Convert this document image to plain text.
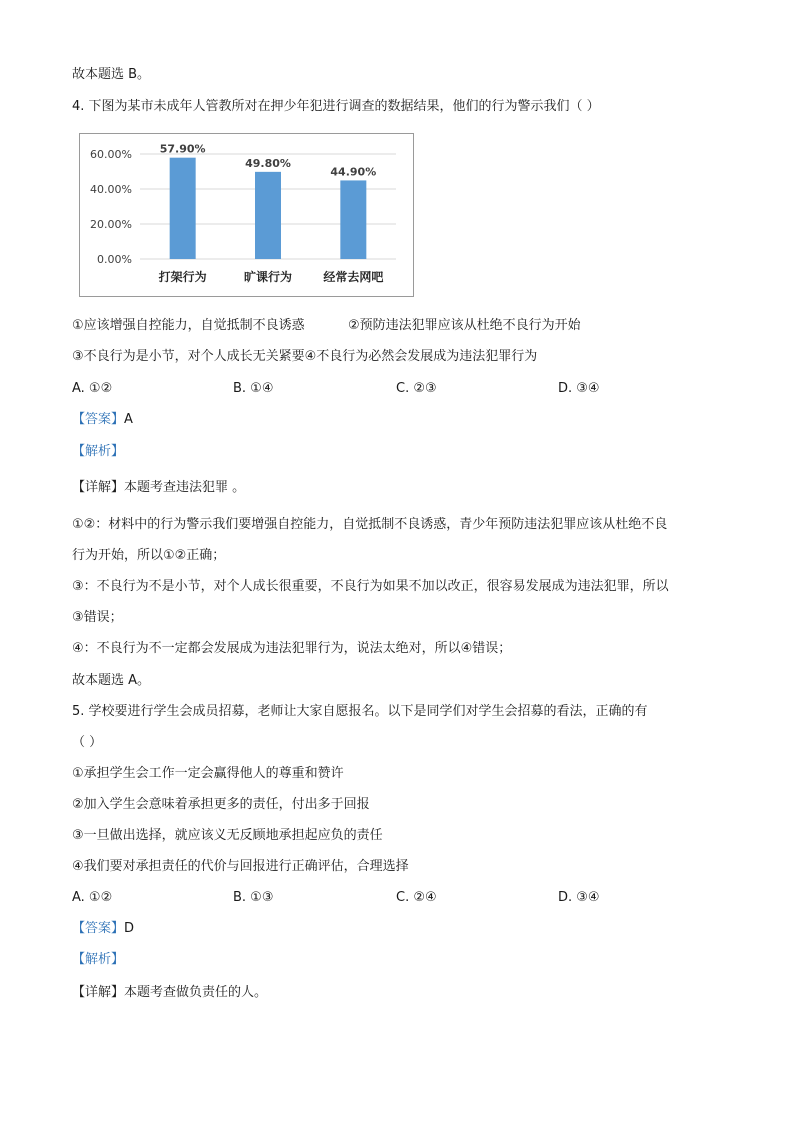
故本题选 B。
4. 下图为某市未成年人管教所对在押少年犯进行调查的数据结果，他们的行为警示我们（ ）
0.00%
20.00%
40.00%
60.00%	57.90%
打架行为
49.80%
旷课行为
44.90%
经常去网吧
①应该增强自控能力，自觉抵制不良诱惑	②预防违法犯罪应该从杜绝不良行为开始
③不良行为是小节，对个人成长无关紧要④不良行为必然会发展成为违法犯罪行为
A. ①②	B. ①④	C. ②③	D. ③④
【答案】A
【解析】
【详解】本题考查违法犯罪 。
①②：材料中的行为警示我们要增强自控能力，自觉抵制不良诱惑，青少年预防违法犯罪应该从杜绝不良
行为开始，所以①②正确；
③：不良行为不是小节，对个人成长很重要，不良行为如果不加以改正，很容易发展成为违法犯罪，所以
③错误；
④：不良行为不一定都会发展成为违法犯罪行为，说法太绝对，所以④错误；
故本题选 A。
5. 学校要进行学生会成员招募，老师让大家自愿报名。以下是同学们对学生会招募的看法，正确的有
（ ）
①承担学生会工作一定会赢得他人的尊重和赞许
②加入学生会意味着承担更多的责任，付出多于回报
③一旦做出选择，就应该义无反顾地承担起应负的责任
④我们要对承担责任的代价与回报进行正确评估，合理选择
A. ①②	B. ①③	C. ②④	D. ③④
【答案】D
【解析】
【详解】本题考查做负责任的人。
